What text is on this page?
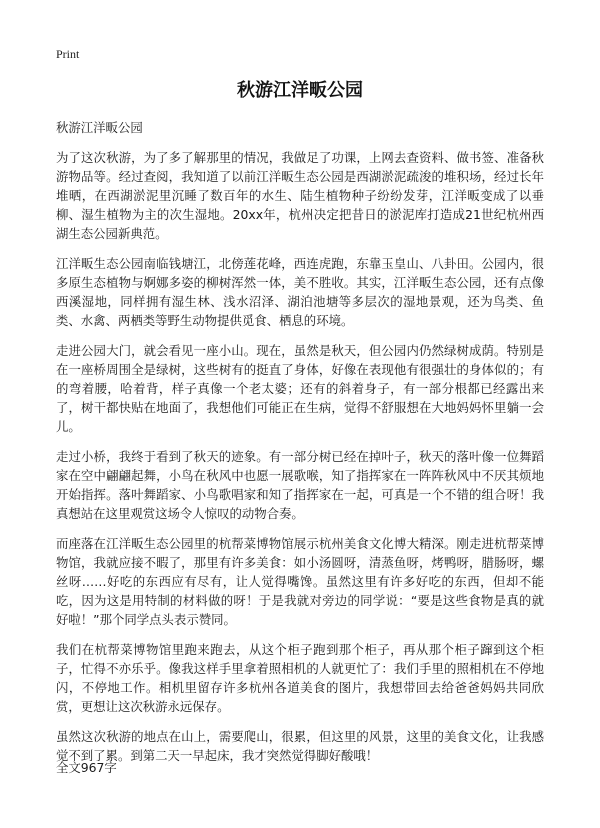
Print
秋游江洋畈公园

秋游江洋畈公园

为了这次秋游，为了多了解那里的情况，我做足了功课，上网去查资料、做书签、准备秋游物品等。经过查阅，我知道了以前江洋畈生态公园是西湖淤泥疏浚的堆积场，经过长年堆晒，在西湖淤泥里沉睡了数百年的水生、陆生植物种子纷纷发芽，江洋畈变成了以垂柳、湿生植物为主的次生湿地。20xx年，杭州决定把昔日的淤泥库打造成21世纪杭州西湖生态公园新典范。

江洋畈生态公园南临钱塘江，北傍莲花峰，西连虎跑，东靠玉皇山、八卦田。公园内，很多原生态植物与婀娜多姿的柳树浑然一体，美不胜收。其实，江洋畈生态公园，还有点像西溪湿地，同样拥有湿生林、浅水沼泽、湖泊池塘等多层次的湿地景观，还为鸟类、鱼类、水禽、两栖类等野生动物提供觅食、栖息的环境。

走进公园大门，就会看见一座小山。现在，虽然是秋天，但公园内仍然绿树成荫。特别是在一座桥周围全是绿树，这些树有的挺直了身体，好像在表现他有很强壮的身体似的；有的弯着腰，哈着背，样子真像一个老太婆；还有的斜着身子，有一部分根都已经露出来了，树干都快贴在地面了，我想他们可能正在生病，觉得不舒服想在大地妈妈怀里躺一会儿。

走过小桥，我终于看到了秋天的迹象。有一部分树已经在掉叶子，秋天的落叶像一位舞蹈家在空中翩翩起舞，小鸟在秋风中也愿一展歌喉，知了指挥家在一阵阵秋风中不厌其烦地开始指挥。落叶舞蹈家、小鸟歌唱家和知了指挥家在一起，可真是一个不错的组合呀！我真想站在这里观赏这场令人惊叹的动物合奏。

而座落在江洋畈生态公园里的杭帮菜博物馆展示杭州美食文化博大精深。刚走进杭帮菜博物馆，我就应接不暇了，那里有许多美食：如小汤圆呀，清蒸鱼呀，烤鸭呀，腊肠呀，螺丝呀……好吃的东西应有尽有，让人觉得嘴馋。虽然这里有许多好吃的东西，但却不能吃，因为这是用特制的材料做的呀！于是我就对旁边的同学说：“要是这些食物是真的就好啦！”那个同学点头表示赞同。

我们在杭帮菜博物馆里跑来跑去，从这个柜子跑到那个柜子，再从那个柜子蹿到这个柜子，忙得不亦乐乎。像我这样手里拿着照相机的人就更忙了：我们手里的照相机在不停地闪，不停地工作。相机里留存许多杭州各道美食的图片，我想带回去给爸爸妈妈共同欣赏，更想让这次秋游永远保存。

虽然这次秋游的地点在山上，需要爬山，很累，但这里的风景，这里的美食文化，让我感觉不到了累。到第二天一早起床，我才突然觉得脚好酸哦！

全文967字
